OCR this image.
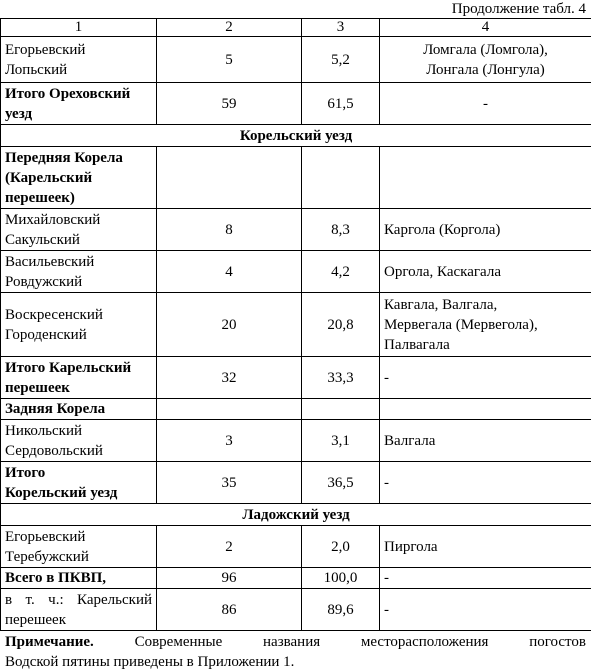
Продолжение табл. 4
1	2	3	4

Егорьевский
Лопьский	5	5,2	Ломгала (Ломгола),
Лонгала (Лонгула)

Итого Ореховский
уезд	59	61,5	-
Корельский уезд			

Передняя Корела
(Карельский
перешеек)			

Михайловский
Сакульский	8	8,3	Каргола (Коргола)

Васильевский
Ровдужский	4	4,2	Оргола, Каскагала

Воскресенский
Городенский	20	20,8	Кавгала, Валгала,
Мервегала (Мервегола),
Палвагала

Итого Карельский
перешеек	32	33,3	-
Задняя Корела			

Никольский
Сердовольский	3	3,1	Валгала

Итого
Корельский уезд	35	36,5	-
Ладожский уезд			

Егорьевский
Теребужский	2	2,0	Пиргола
Всего в ПКВП,	96	100,0	-

в т. ч.: Карельский
перешеек	86	89,6	-
Примечание.	Современные названия месторасположения погостов
Водской пятины приведены в Приложении 1.
